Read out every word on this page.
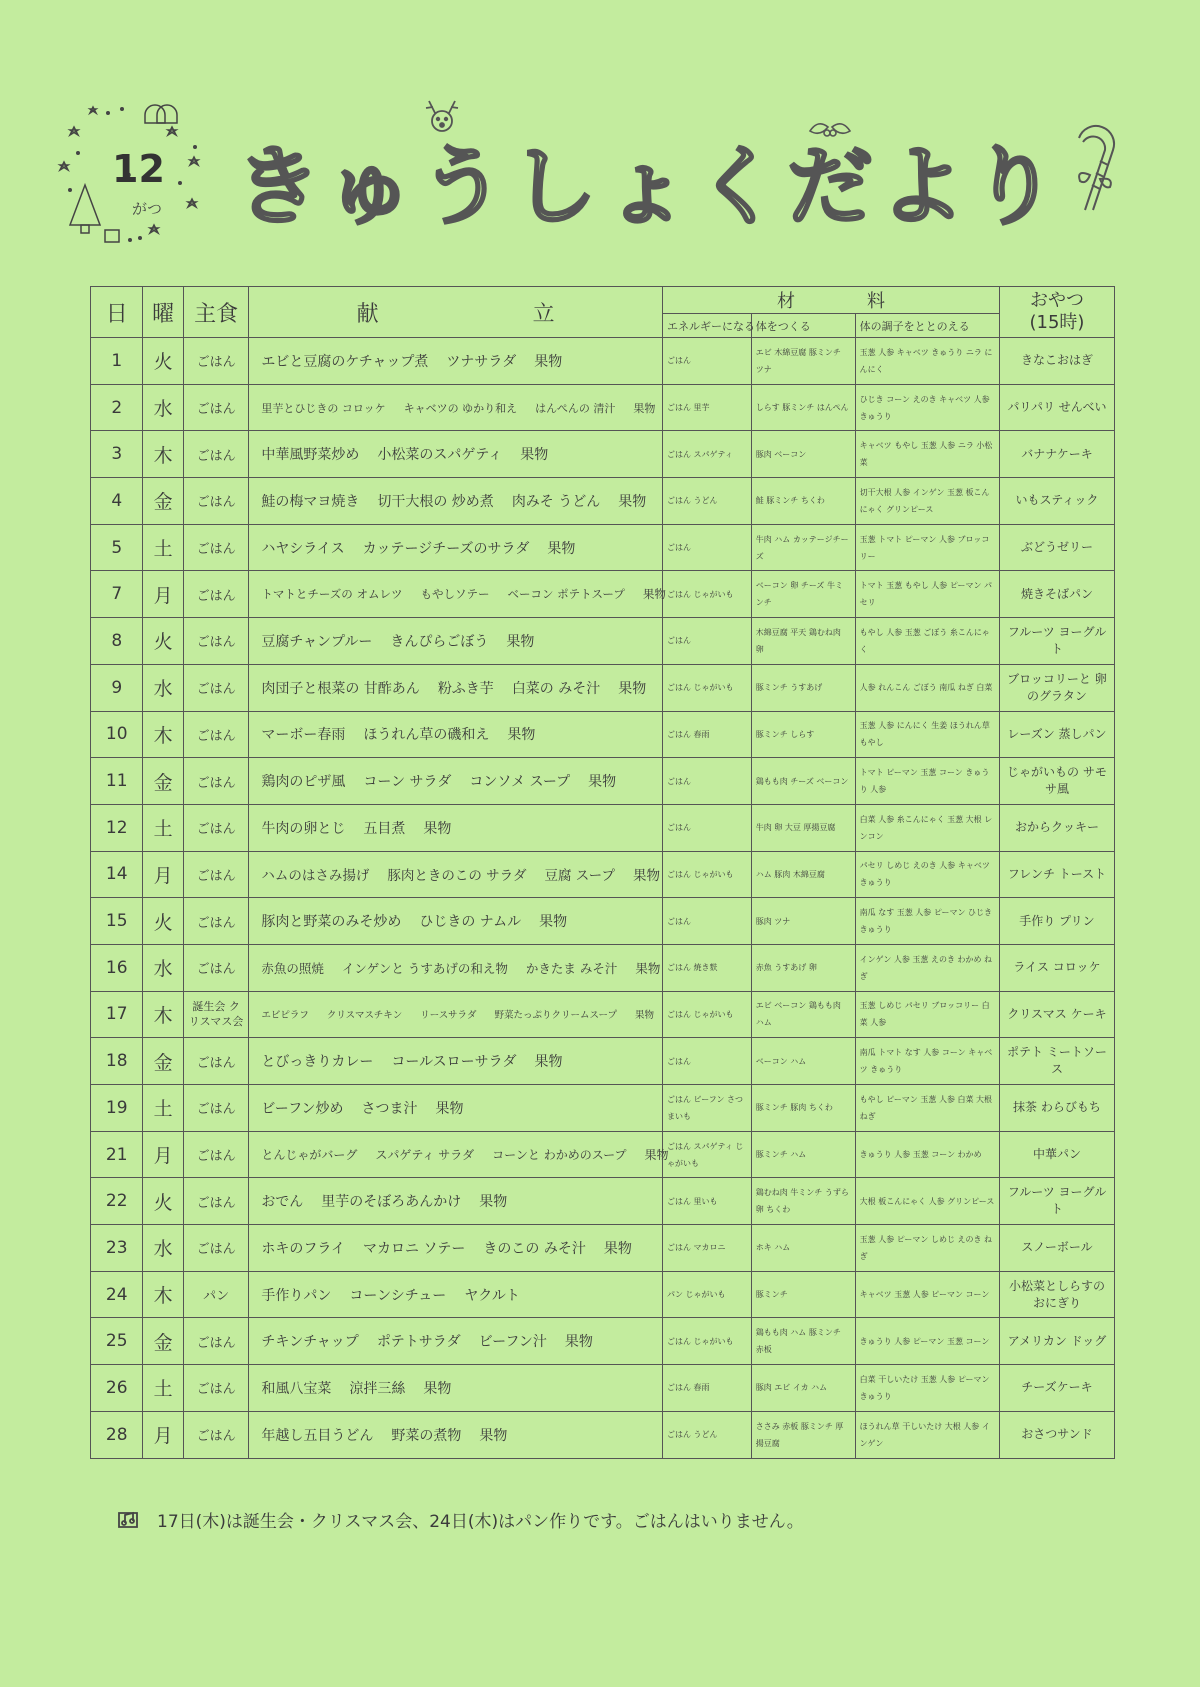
12
がつ きゅうしょくだより
日	曜	主食	献　　　　　　　立	材　　　　料			おやつ
(15時)

				エネルギーになる	体をつくる	体の調子をととのえる	
1	火	ごはん	エビと豆腐のケチャップ煮 ツナサラダ 果物	ごはん	エビ 木綿豆腐 豚ミンチ ツナ	玉葱 人参 キャベツ きゅうり ニラ にんにく	きなこおはぎ
2	水	ごはん	里芋とひじきの コロッケ キャベツの ゆかり和え はんぺんの 清汁 果物	ごはん 里芋	しらす 豚ミンチ はんぺん	ひじき コーン えのき キャベツ 人参 きゅうり	パリパリ せんべい
3	木	ごはん	中華風野菜炒め 小松菜のスパゲティ 果物	ごはん スパゲティ	豚肉 ベーコン	キャベツ もやし 玉葱 人参 ニラ 小松菜	バナナケーキ
4	金	ごはん	鮭の梅マヨ焼き 切干大根の 炒め煮 肉みそ うどん 果物	ごはん うどん	鮭 豚ミンチ ちくわ	切干大根 人参 インゲン 玉葱 板こんにゃく グリンピース	いもスティック
5	土	ごはん	ハヤシライス カッテージチーズのサラダ 果物	ごはん	牛肉 ハム カッテージチーズ	玉葱 トマト ピーマン 人参 ブロッコリー	ぶどうゼリー
7	月	ごはん	トマトとチーズの オムレツ もやしソテー ベーコン ポテトスープ 果物	ごはん じゃがいも	ベーコン 卵 チーズ 牛ミンチ	トマト 玉葱 もやし 人参 ピーマン パセリ	焼きそばパン
8	火	ごはん	豆腐チャンプルー きんぴらごぼう 果物	ごはん	木綿豆腐 平天 鶏むね肉 卵	もやし 人参 玉葱 ごぼう 糸こんにゃく	フルーツ ヨーグルト
9	水	ごはん	肉団子と根菜の 甘酢あん 粉ふき芋 白菜の みそ汁 果物	ごはん じゃがいも	豚ミンチ うすあげ	人参 れんこん ごぼう 南瓜 ねぎ 白菜	ブロッコリーと 卵のグラタン
10	木	ごはん	マーボー春雨 ほうれん草の磯和え 果物	ごはん 春雨	豚ミンチ しらす	玉葱 人参 にんにく 生姜 ほうれん草 もやし	レーズン 蒸しパン
11	金	ごはん	鶏肉のピザ風 コーン サラダ コンソメ スープ 果物	ごはん	鶏もも肉 チーズ ベーコン	トマト ピーマン 玉葱 コーン きゅうり 人参	じゃがいもの サモサ風
12	土	ごはん	牛肉の卵とじ 五目煮 果物	ごはん	牛肉 卵 大豆 厚揚豆腐	白菜 人参 糸こんにゃく 玉葱 大根 レンコン	おからクッキー
14	月	ごはん	ハムのはさみ揚げ 豚肉ときのこの サラダ 豆腐 スープ 果物	ごはん じゃがいも	ハム 豚肉 木綿豆腐	パセリ しめじ えのき 人参 キャベツ きゅうり	フレンチ トースト
15	火	ごはん	豚肉と野菜のみそ炒め ひじきの ナムル 果物	ごはん	豚肉 ツナ	南瓜 なす 玉葱 人参 ピーマン ひじき きゅうり	手作り プリン
16	水	ごはん	赤魚の照焼 インゲンと うすあげの和え物 かきたま みそ汁 果物	ごはん 焼き麩	赤魚 うすあげ 卵	インゲン 人参 玉葱 えのき わかめ ねぎ	ライス コロッケ
17	木	誕生会 クリスマス会	エビピラフ クリスマスチキン リースサラダ 野菜たっぷりクリームスープ 果物	ごはん じゃがいも	エビ ベーコン 鶏もも肉 ハム	玉葱 しめじ パセリ ブロッコリー 白菜 人参	クリスマス ケーキ
18	金	ごはん	とびっきりカレー コールスローサラダ 果物	ごはん	ベーコン ハム	南瓜 トマト なす 人参 コーン キャベツ きゅうり	ポテト ミートソース
19	土	ごはん	ビーフン炒め さつま汁 果物	ごはん ビーフン さつまいも	豚ミンチ 豚肉 ちくわ	もやし ピーマン 玉葱 人参 白菜 大根 ねぎ	抹茶 わらびもち
21	月	ごはん	とんじゃがバーグ スパゲティ サラダ コーンと わかめのスープ 果物	ごはん スパゲティ じゃがいも	豚ミンチ ハム	きゅうり 人参 玉葱 コーン わかめ	中華パン
22	火	ごはん	おでん 里芋のそぼろあんかけ 果物	ごはん 里いも	鶏むね肉 牛ミンチ うずら卵 ちくわ	大根 板こんにゃく 人参 グリンピース	フルーツ ヨーグルト
23	水	ごはん	ホキのフライ マカロニ ソテー きのこの みそ汁 果物	ごはん マカロニ	ホキ ハム	玉葱 人参 ピーマン しめじ えのき ねぎ	スノーボール
24	木	パン	手作りパン コーンシチュー ヤクルト	パン じゃがいも	豚ミンチ	キャベツ 玉葱 人参 ピーマン コーン	小松菜としらすの おにぎり
25	金	ごはん	チキンチャップ ポテトサラダ ビーフン汁 果物	ごはん じゃがいも	鶏もも肉 ハム 豚ミンチ 赤板	きゅうり 人参 ピーマン 玉葱 コーン	アメリカン ドッグ
26	土	ごはん	和風八宝菜 涼拌三絲 果物	ごはん 春雨	豚肉 エビ イカ ハム	白菜 干しいたけ 玉葱 人参 ピーマン きゅうり	チーズケーキ
28	月	ごはん	年越し五目うどん 野菜の煮物 果物	ごはん うどん	ささみ 赤板 豚ミンチ 厚揚豆腐	ほうれん草 干しいたけ 大根 人参 インゲン	おさつサンド
17日(木)は誕生会・クリスマス会、24日(木)はパン作りです。ごはんはいりません。
